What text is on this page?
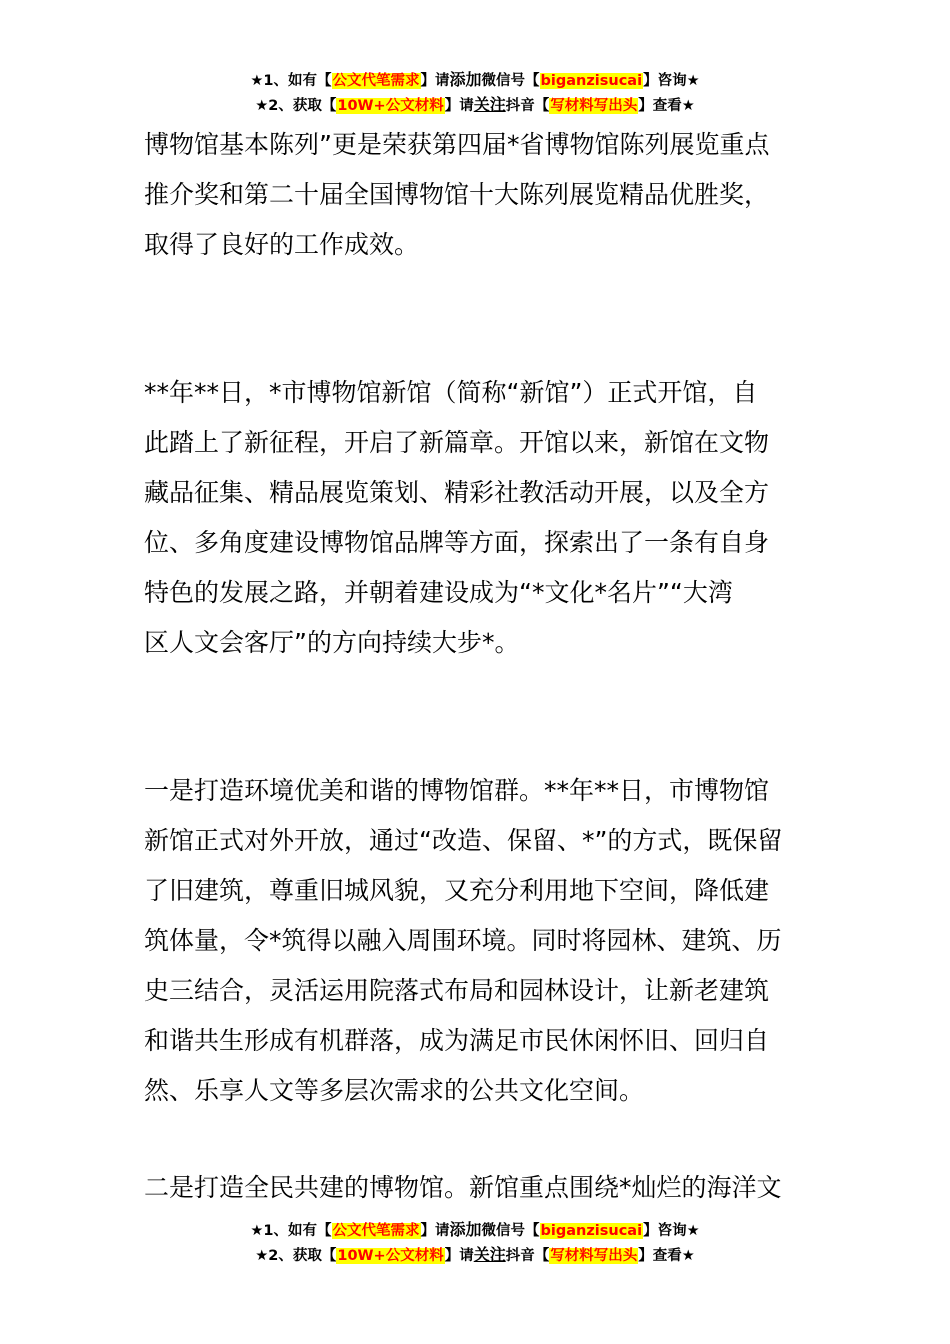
★1、如有【公文代笔需求】请添加微信号【biganzisucai】咨询★
★2、获取【10W+公文材料】请关注抖音【写材料写出头】查看★
博物馆基本陈列”更是荣获第四届*省博物馆陈列展览重点
推介奖和第二十届全国博物馆十大陈列展览精品优胜奖，
取得了良好的工作成效。
**年**日，*市博物馆新馆（简称“新馆”）正式开馆，自
此踏上了新征程，开启了新篇章。开馆以来，新馆在文物
藏品征集、精品展览策划、精彩社教活动开展，以及全方
位、多角度建设博物馆品牌等方面，探索出了一条有自身
特色的发展之路，并朝着建设成为“*文化*名片”“大湾
区人文会客厅”的方向持续大步*。
一是打造环境优美和谐的博物馆群。**年**日，市博物馆
新馆正式对外开放，通过“改造、保留、*”的方式，既保留
了旧建筑，尊重旧城风貌，又充分利用地下空间，降低建
筑体量，令*筑得以融入周围环境。同时将园林、建筑、历
史三结合，灵活运用院落式布局和园林设计，让新老建筑
和谐共生形成有机群落，成为满足市民休闲怀旧、回归自
然、乐享人文等多层次需求的公共文化空间。
二是打造全民共建的博物馆。新馆重点围绕*灿烂的海洋文
★1、如有【公文代笔需求】请添加微信号【biganzisucai】咨询★
★2、获取【10W+公文材料】请关注抖音【写材料写出头】查看★
